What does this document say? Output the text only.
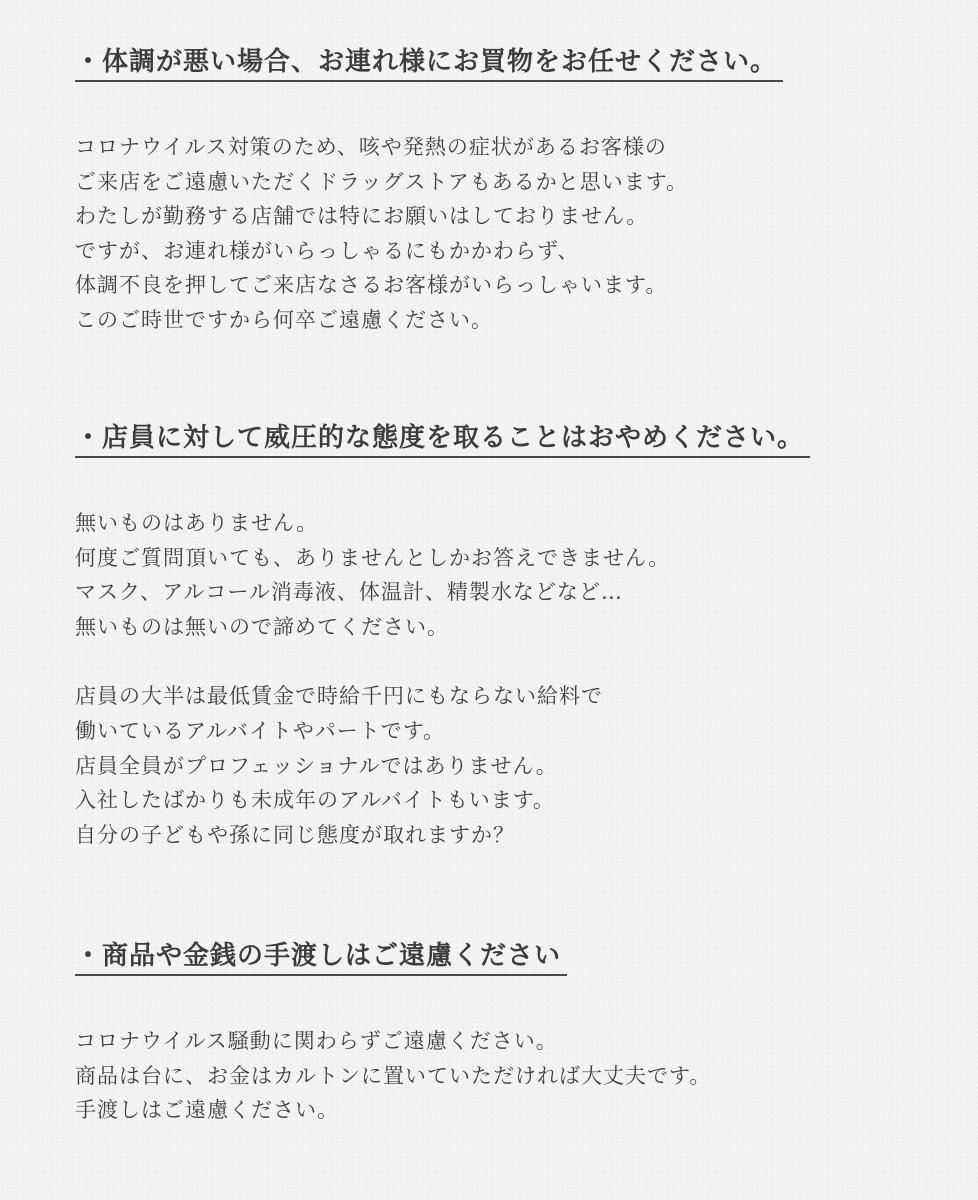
・体調が悪い場合、お連れ様にお買物をお任せください。
コロナウイルス対策のため、咳や発熱の症状があるお客様の
ご来店をご遠慮いただくドラッグストアもあるかと思います。
わたしが勤務する店舗では特にお願いはしておりません。
ですが、お連れ様がいらっしゃるにもかかわらず、
体調不良を押してご来店なさるお客様がいらっしゃいます。
このご時世ですから何卒ご遠慮ください。
・店員に対して威圧的な態度を取ることはおやめください。
無いものはありません。
何度ご質問頂いても、ありませんとしかお答えできません。
マスク、アルコール消毒液、体温計、精製水などなど…
無いものは無いので諦めてください。
店員の大半は最低賃金で時給千円にもならない給料で
働いているアルバイトやパートです。
店員全員がプロフェッショナルではありません。
入社したばかりも未成年のアルバイトもいます。
自分の子どもや孫に同じ態度が取れますか？
・商品や金銭の手渡しはご遠慮ください
コロナウイルス騒動に関わらずご遠慮ください。
商品は台に、お金はカルトンに置いていただければ大丈夫です。
手渡しはご遠慮ください。
